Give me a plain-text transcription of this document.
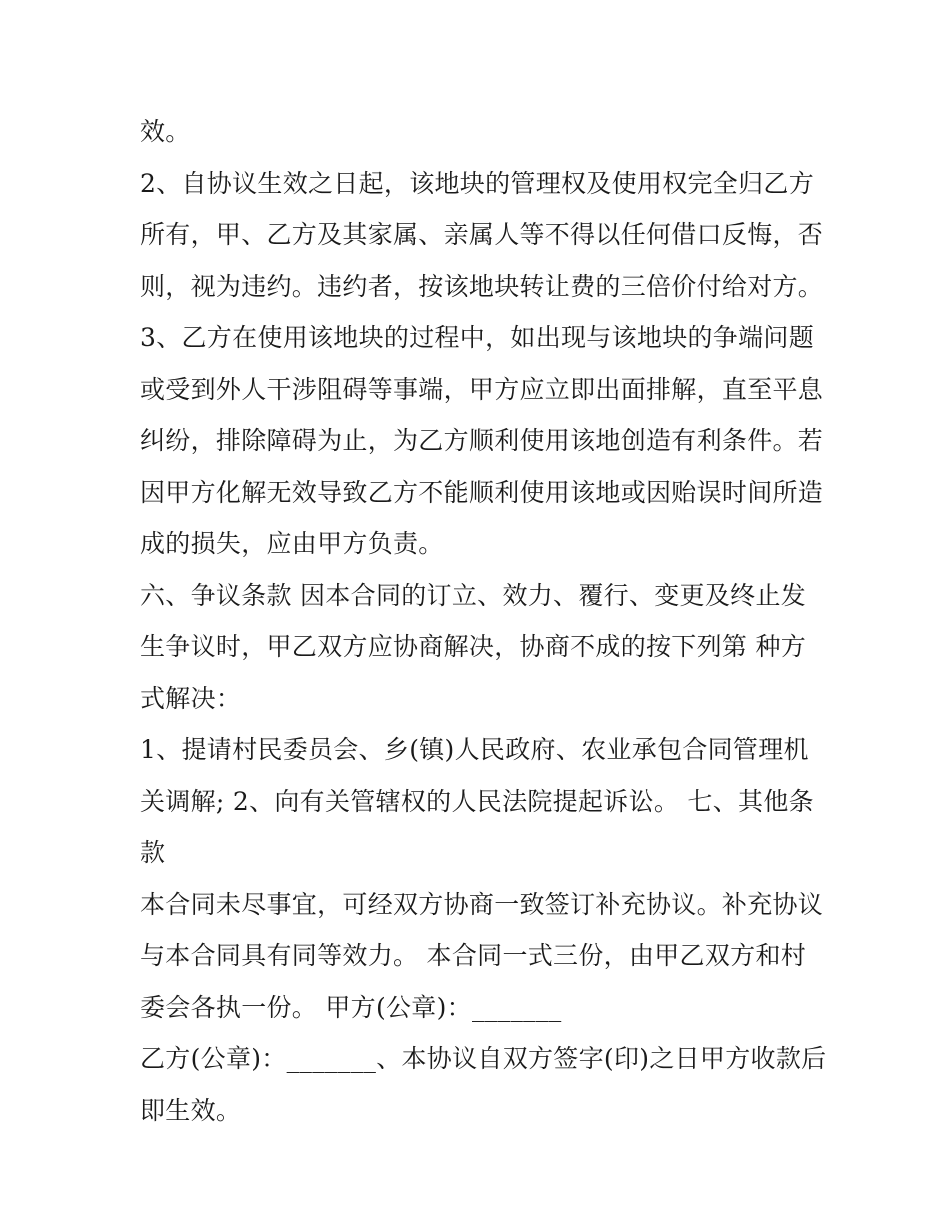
效。
2、自协议生效之日起，该地块的管理权及使用权完全归乙方
所有，甲、乙方及其家属、亲属人等不得以任何借口反悔，否
则，视为违约。违约者，按该地块转让费的三倍价付给对方。
3、乙方在使用该地块的过程中，如出现与该地块的争端问题
或受到外人干涉阻碍等事端，甲方应立即出面排解，直至平息
纠纷，排除障碍为止，为乙方顺利使用该地创造有利条件。若
因甲方化解无效导致乙方不能顺利使用该地或因贻误时间所造
成的损失，应由甲方负责。
六、争议条款 因本合同的订立、效力、覆行、变更及终止发
生争议时，甲乙双方应协商解决，协商不成的按下列第 种方
式解决：
1、提请村民委员会、乡(镇)人民政府、农业承包合同管理机
关调解; 2、向有关管辖权的人民法院提起诉讼。 七、其他条
款
本合同未尽事宜，可经双方协商一致签订补充协议。补充协议
与本合同具有同等效力。 本合同一式三份，由甲乙双方和村
委会各执一份。 甲方(公章)：_______
乙方(公章)：_______、本协议自双方签字(印)之日甲方收款后
即生效。
